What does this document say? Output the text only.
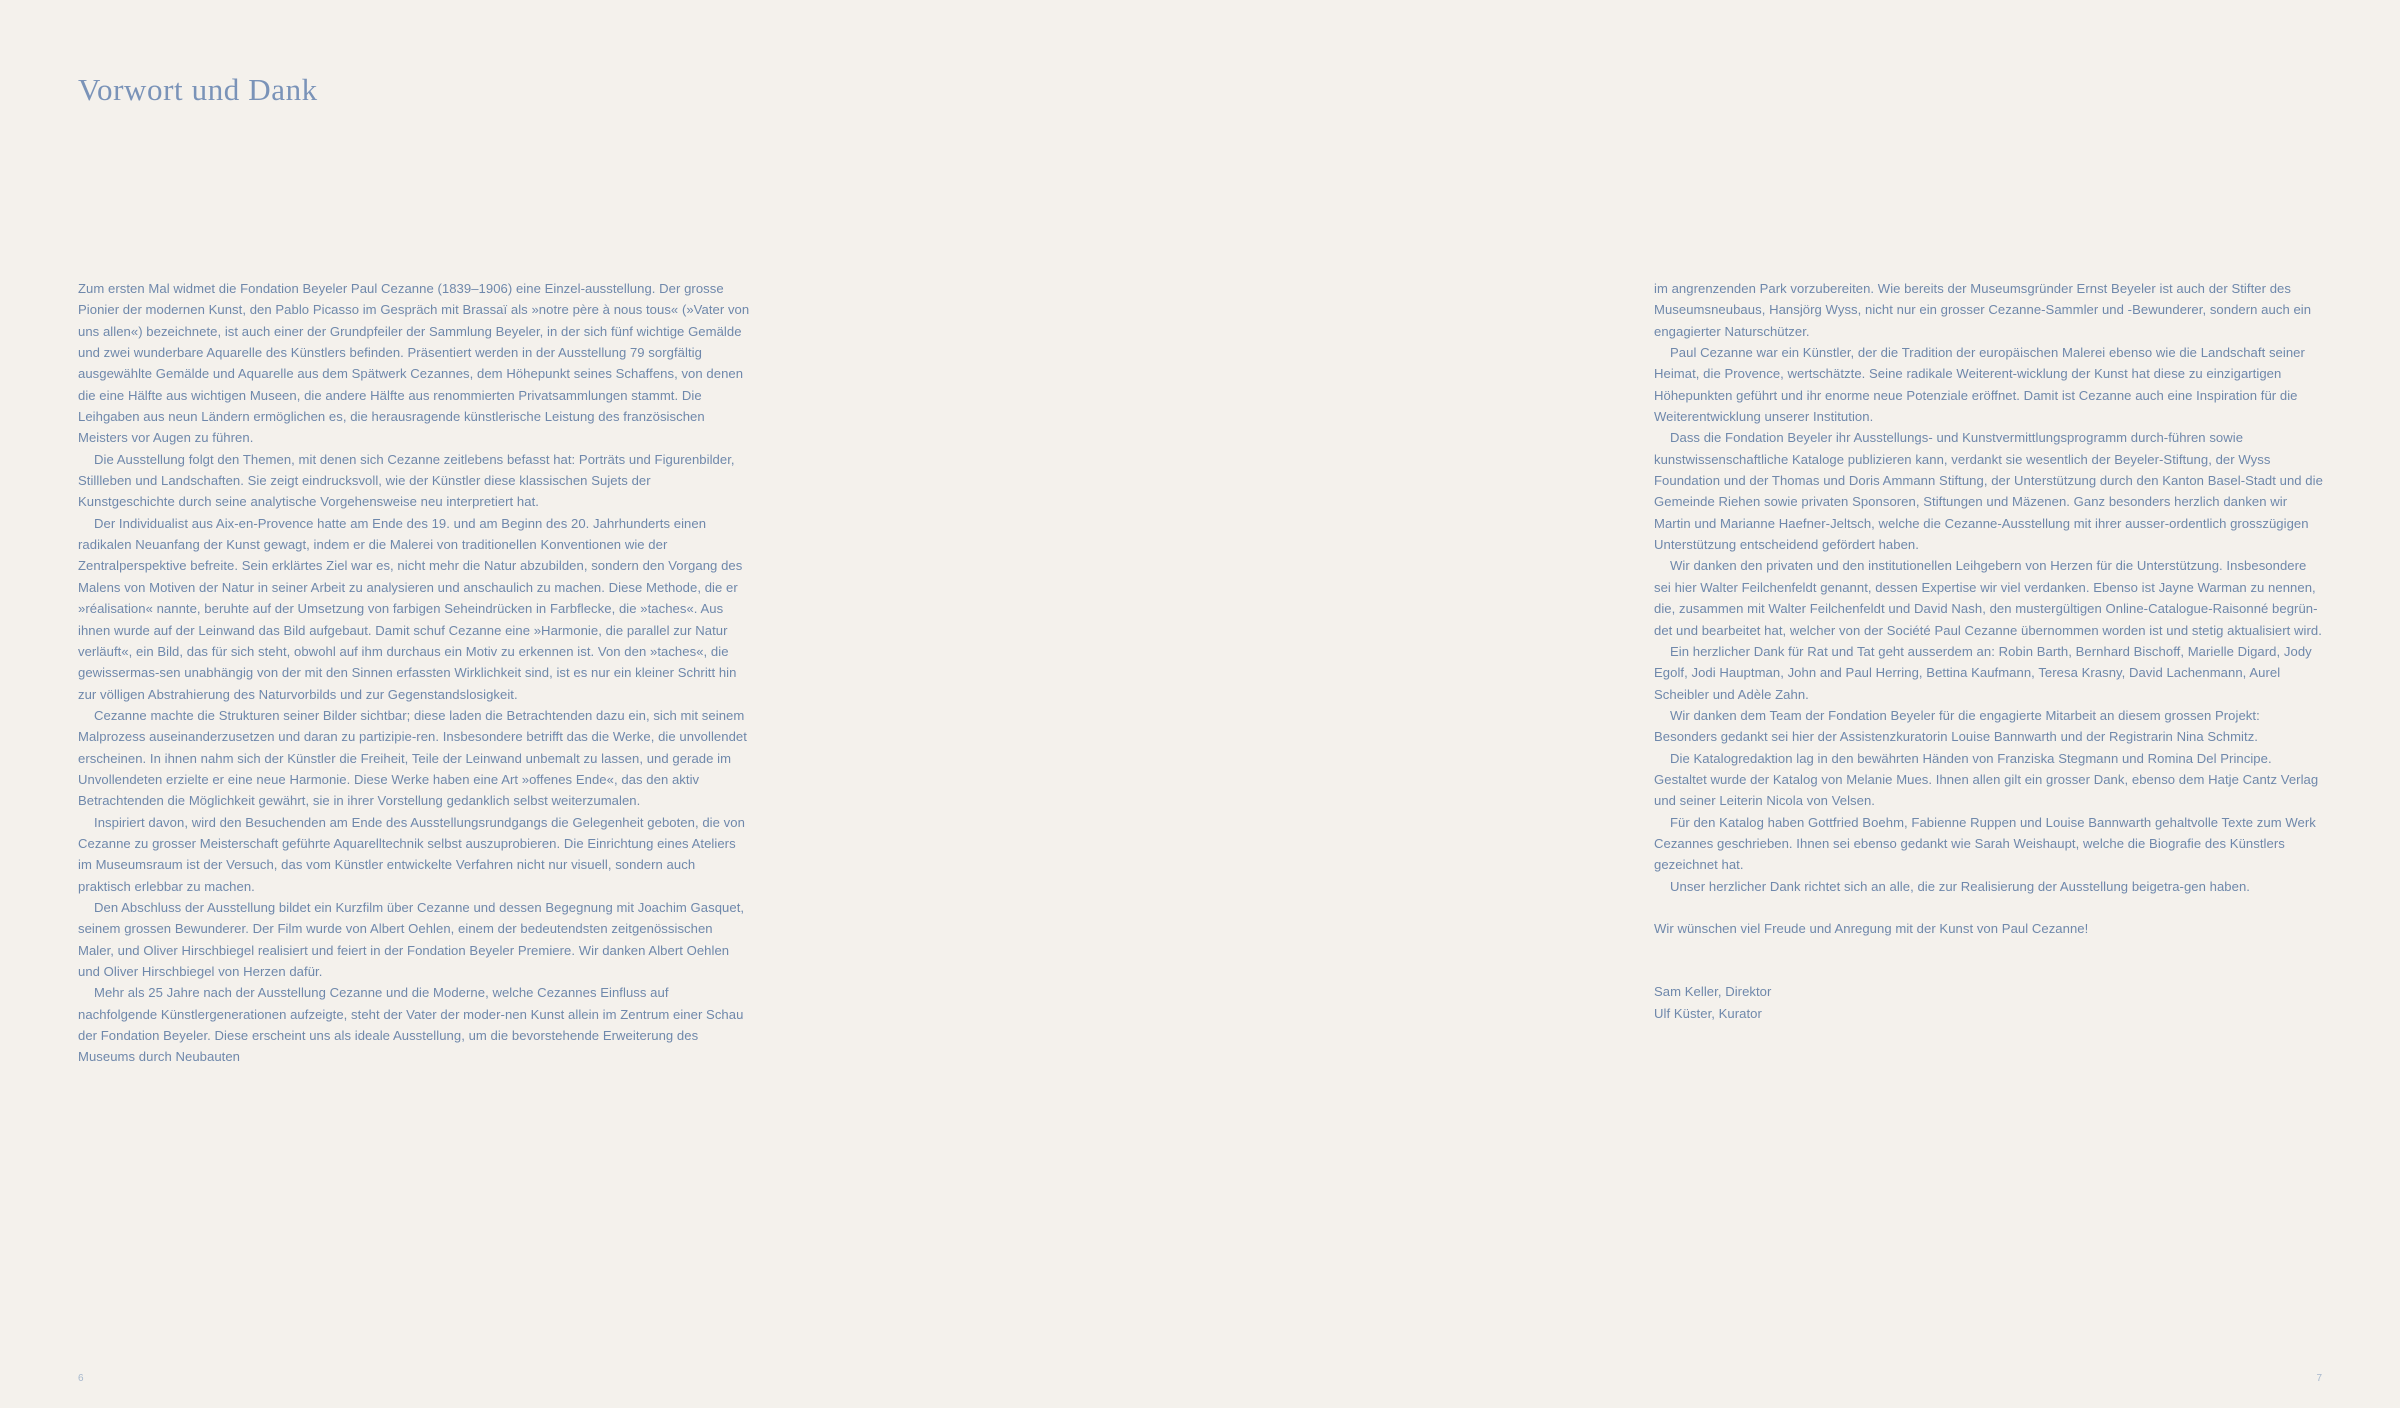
Vorwort und Dank

Zum ersten Mal widmet die Fondation Beyeler Paul Cezanne (1839–1906) eine Einzel-ausstellung. Der grosse Pionier der modernen Kunst, den Pablo Picasso im Gespräch mit Brassaï als »notre père à nous tous« (»Vater von uns allen«) bezeichnete, ist auch einer der Grundpfeiler der Sammlung Beyeler, in der sich fünf wichtige Gemälde und zwei wunderbare Aquarelle des Künstlers befinden. Präsentiert werden in der Ausstellung 79 sorgfältig ausgewählte Gemälde und Aquarelle aus dem Spätwerk Cezannes, dem Höhepunkt seines Schaffens, von denen die eine Hälfte aus wichtigen Museen, die andere Hälfte aus renommierten Privatsammlungen stammt. Die Leihgaben aus neun Ländern ermöglichen es, die herausragende künstlerische Leistung des französischen Meisters vor Augen zu führen.

Die Ausstellung folgt den Themen, mit denen sich Cezanne zeitlebens befasst hat: Porträts und Figurenbilder, Stillleben und Landschaften. Sie zeigt eindrucksvoll, wie der Künstler diese klassischen Sujets der Kunstgeschichte durch seine analytische Vorgehensweise neu interpretiert hat.

Der Individualist aus Aix-en-Provence hatte am Ende des 19. und am Beginn des 20. Jahrhunderts einen radikalen Neuanfang der Kunst gewagt, indem er die Malerei von traditionellen Konventionen wie der Zentralperspektive befreite. Sein erklärtes Ziel war es, nicht mehr die Natur abzubilden, sondern den Vorgang des Malens von Motiven der Natur in seiner Arbeit zu analysieren und anschaulich zu machen. Diese Methode, die er »réalisation« nannte, beruhte auf der Umsetzung von farbigen Seheindrücken in Farbflecke, die »taches«. Aus ihnen wurde auf der Leinwand das Bild aufgebaut. Damit schuf Cezanne eine »Harmonie, die parallel zur Natur verläuft«, ein Bild, das für sich steht, obwohl auf ihm durchaus ein Motiv zu erkennen ist. Von den »taches«, die gewissermas-sen unabhängig von der mit den Sinnen erfassten Wirklichkeit sind, ist es nur ein kleiner Schritt hin zur völligen Abstrahierung des Naturvorbilds und zur Gegenstandslosigkeit.

Cezanne machte die Strukturen seiner Bilder sichtbar; diese laden die Betrachtenden dazu ein, sich mit seinem Malprozess auseinanderzusetzen und daran zu partizipie-ren. Insbesondere betrifft das die Werke, die unvollendet erscheinen. In ihnen nahm sich der Künstler die Freiheit, Teile der Leinwand unbemalt zu lassen, und gerade im Unvollendeten erzielte er eine neue Harmonie. Diese Werke haben eine Art »offenes Ende«, das den aktiv Betrachtenden die Möglichkeit gewährt, sie in ihrer Vorstellung gedanklich selbst weiterzumalen.

Inspiriert davon, wird den Besuchenden am Ende des Ausstellungsrundgangs die Gelegenheit geboten, die von Cezanne zu grosser Meisterschaft geführte Aquarelltechnik selbst auszuprobieren. Die Einrichtung eines Ateliers im Museumsraum ist der Versuch, das vom Künstler entwickelte Verfahren nicht nur visuell, sondern auch praktisch erlebbar zu machen.

Den Abschluss der Ausstellung bildet ein Kurzfilm über Cezanne und dessen Begegnung mit Joachim Gasquet, seinem grossen Bewunderer. Der Film wurde von Albert Oehlen, einem der bedeutendsten zeitgenössischen Maler, und Oliver Hirschbiegel realisiert und feiert in der Fondation Beyeler Premiere. Wir danken Albert Oehlen und Oliver Hirschbiegel von Herzen dafür.

Mehr als 25 Jahre nach der Ausstellung Cezanne und die Moderne, welche Cezannes Einfluss auf nachfolgende Künstlergenerationen aufzeigte, steht der Vater der moder-nen Kunst allein im Zentrum einer Schau der Fondation Beyeler. Diese erscheint uns als ideale Ausstellung, um die bevorstehende Erweiterung des Museums durch Neubauten

im angrenzenden Park vorzubereiten. Wie bereits der Museumsgründer Ernst Beyeler ist auch der Stifter des Museumsneubaus, Hansjörg Wyss, nicht nur ein grosser Cezanne-Sammler und -Bewunderer, sondern auch ein engagierter Naturschützer.

Paul Cezanne war ein Künstler, der die Tradition der europäischen Malerei ebenso wie die Landschaft seiner Heimat, die Provence, wertschätzte. Seine radikale Weiterent-wicklung der Kunst hat diese zu einzigartigen Höhepunkten geführt und ihr enorme neue Potenziale eröffnet. Damit ist Cezanne auch eine Inspiration für die Weiterentwicklung unserer Institution.

Dass die Fondation Beyeler ihr Ausstellungs- und Kunstvermittlungsprogramm durch-führen sowie kunstwissenschaftliche Kataloge publizieren kann, verdankt sie wesentlich der Beyeler-Stiftung, der Wyss Foundation und der Thomas und Doris Ammann Stiftung, der Unterstützung durch den Kanton Basel-Stadt und die Gemeinde Riehen sowie privaten Sponsoren, Stiftungen und Mäzenen. Ganz besonders herzlich danken wir Martin und Marianne Haefner-Jeltsch, welche die Cezanne-Ausstellung mit ihrer ausser-ordentlich grosszügigen Unterstützung entscheidend gefördert haben.

Wir danken den privaten und den institutionellen Leihgebern von Herzen für die Unterstützung. Insbesondere sei hier Walter Feilchenfeldt genannt, dessen Expertise wir viel verdanken. Ebenso ist Jayne Warman zu nennen, die, zusammen mit Walter Feilchenfeldt und David Nash, den mustergültigen Online-Catalogue-Raisonné begrün-det und bearbeitet hat, welcher von der Société Paul Cezanne übernommen worden ist und stetig aktualisiert wird.

Ein herzlicher Dank für Rat und Tat geht ausserdem an: Robin Barth, Bernhard Bischoff, Marielle Digard, Jody Egolf, Jodi Hauptman, John and Paul Herring, Bettina Kaufmann, Teresa Krasny, David Lachenmann, Aurel Scheibler und Adèle Zahn.

Wir danken dem Team der Fondation Beyeler für die engagierte Mitarbeit an diesem grossen Projekt: Besonders gedankt sei hier der Assistenzkuratorin Louise Bannwarth und der Registrarin Nina Schmitz.

Die Katalogredaktion lag in den bewährten Händen von Franziska Stegmann und Romina Del Principe. Gestaltet wurde der Katalog von Melanie Mues. Ihnen allen gilt ein grosser Dank, ebenso dem Hatje Cantz Verlag und seiner Leiterin Nicola von Velsen.

Für den Katalog haben Gottfried Boehm, Fabienne Ruppen und Louise Bannwarth gehaltvolle Texte zum Werk Cezannes geschrieben. Ihnen sei ebenso gedankt wie Sarah Weishaupt, welche die Biografie des Künstlers gezeichnet hat.

Unser herzlicher Dank richtet sich an alle, die zur Realisierung der Ausstellung beigetra-gen haben.

Wir wünschen viel Freude und Anregung mit der Kunst von Paul Cezanne!

Sam Keller, Direktor
Ulf Küster, Kurator
6	7
